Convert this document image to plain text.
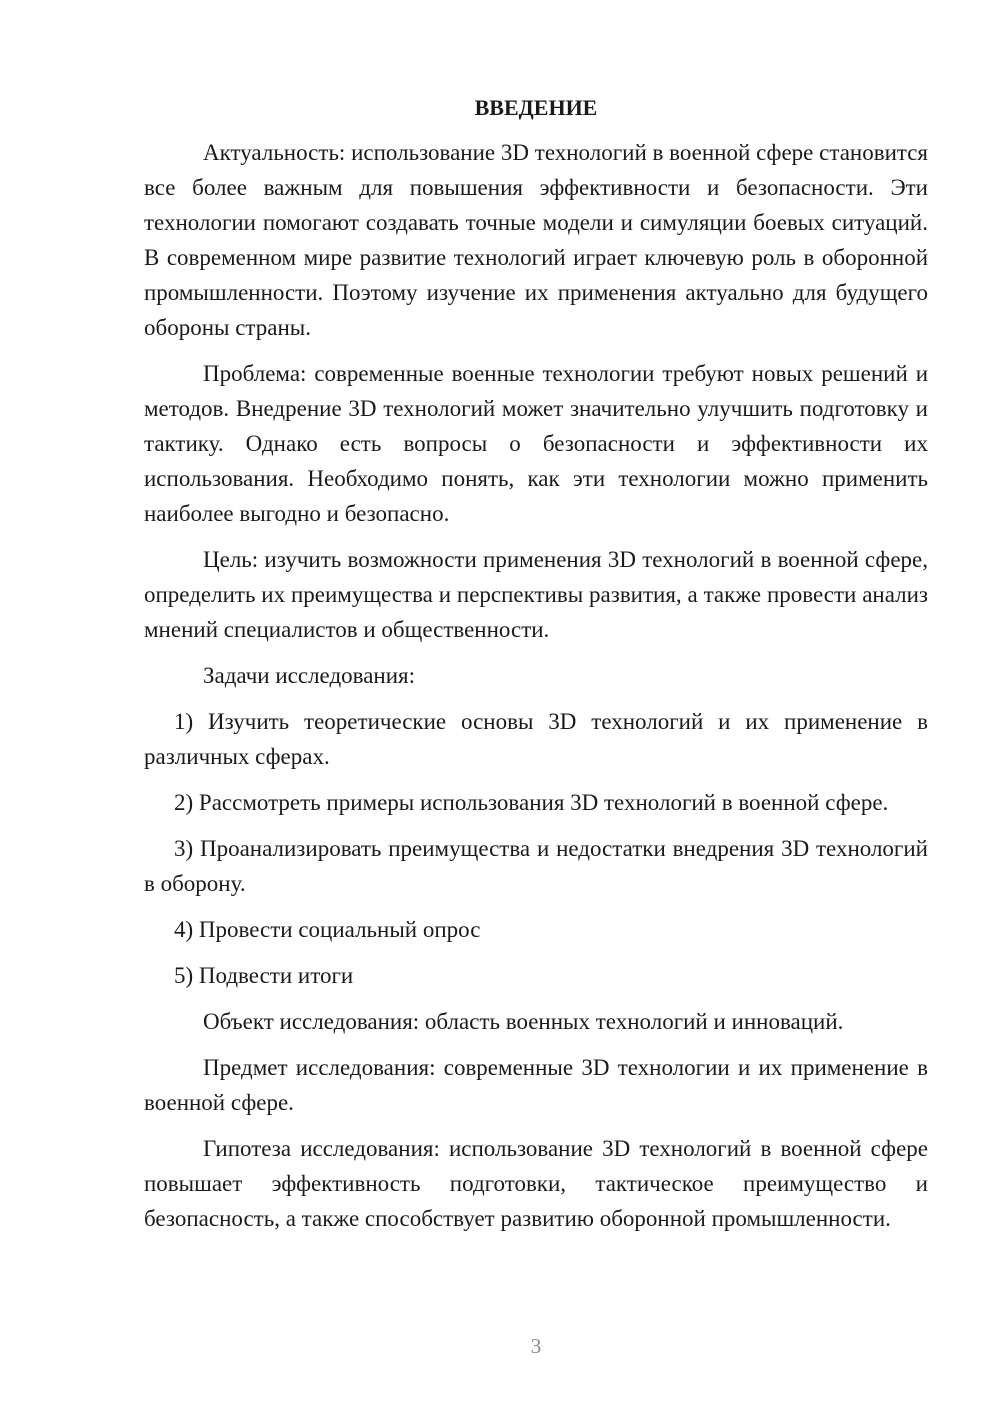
ВВЕДЕНИЕ

Актуальность: использование 3D технологий в военной сфере становится все более важным для повышения эффективности и безопасности. Эти технологии помогают создавать точные модели и симуляции боевых ситуаций. В современном мире развитие технологий играет ключевую роль в оборонной промышленности. Поэтому изучение их применения актуально для будущего обороны страны.

Проблема: современные военные технологии требуют новых решений и методов. Внедрение 3D технологий может значительно улучшить подготовку и тактику. Однако есть вопросы о безопасности и эффективности их использования. Необходимо понять, как эти технологии можно применить наиболее выгодно и безопасно.

Цель: изучить возможности применения 3D технологий в военной сфере, определить их преимущества и перспективы развития, а также провести анализ мнений специалистов и общественности.

Задачи исследования:

1) Изучить теоретические основы 3D технологий и их применение в различных сферах.

2) Рассмотреть примеры использования 3D технологий в военной сфере.

3) Проанализировать преимущества и недостатки внедрения 3D технологий в оборону.

4) Провести социальный опрос

5) Подвести итоги

Объект исследования: область военных технологий и инноваций.

Предмет исследования: современные 3D технологии и их применение в военной сфере.

Гипотеза исследования: использование 3D технологий в военной сфере повышает эффективность подготовки, тактическое преимущество и безопасность, а также способствует развитию оборонной промышленности.

3
